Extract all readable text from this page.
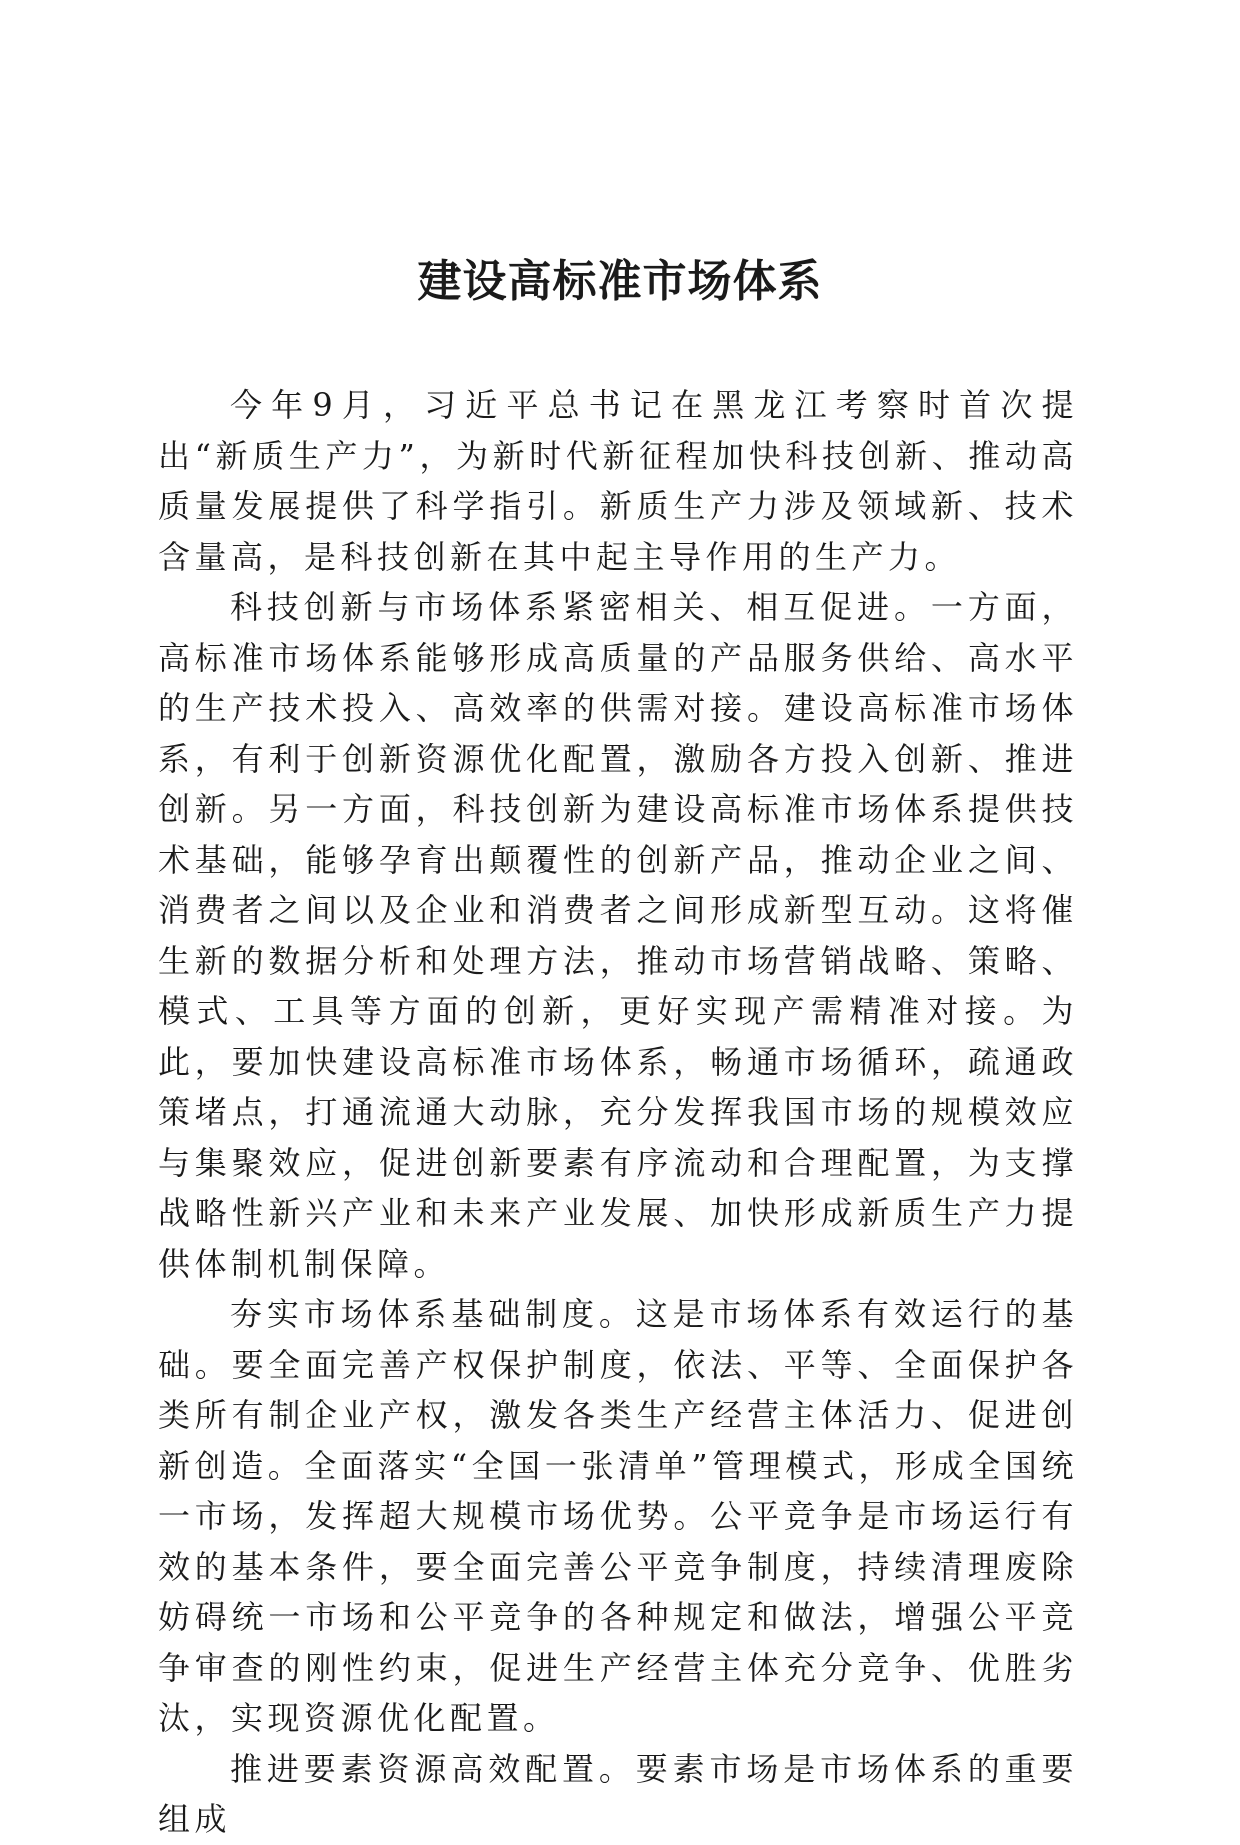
建设高标准市场体系

今年9月，习近平总书记在黑龙江考察时首次提出“新质生产力”，为新时代新征程加快科技创新、推动高质量发展提供了科学指引。新质生产力涉及领域新、技术含量高，是科技创新在其中起主导作用的生产力。

科技创新与市场体系紧密相关、相互促进。一方面，高标准市场体系能够形成高质量的产品服务供给、高水平的生产技术投入、高效率的供需对接。建设高标准市场体系，有利于创新资源优化配置，激励各方投入创新、推进创新。另一方面，科技创新为建设高标准市场体系提供技术基础，能够孕育出颠覆性的创新产品，推动企业之间、消费者之间以及企业和消费者之间形成新型互动。这将催生新的数据分析和处理方法，推动市场营销战略、策略、模式、工具等方面的创新，更好实现产需精准对接。为此，要加快建设高标准市场体系，畅通市场循环，疏通政策堵点，打通流通大动脉，充分发挥我国市场的规模效应与集聚效应，促进创新要素有序流动和合理配置，为支撑战略性新兴产业和未来产业发展、加快形成新质生产力提供体制机制保障。

夯实市场体系基础制度。这是市场体系有效运行的基础。要全面完善产权保护制度，依法、平等、全面保护各类所有制企业产权，激发各类生产经营主体活力、促进创新创造。全面落实“全国一张清单”管理模式，形成全国统一市场，发挥超大规模市场优势。公平竞争是市场运行有效的基本条件，要全面完善公平竞争制度，持续清理废除妨碍统一市场和公平竞争的各种规定和做法，增强公平竞争审查的刚性约束，促进生产经营主体充分竞争、优胜劣汰，实现资源优化配置。

推进要素资源高效配置。要素市场是市场体系的重要组成
